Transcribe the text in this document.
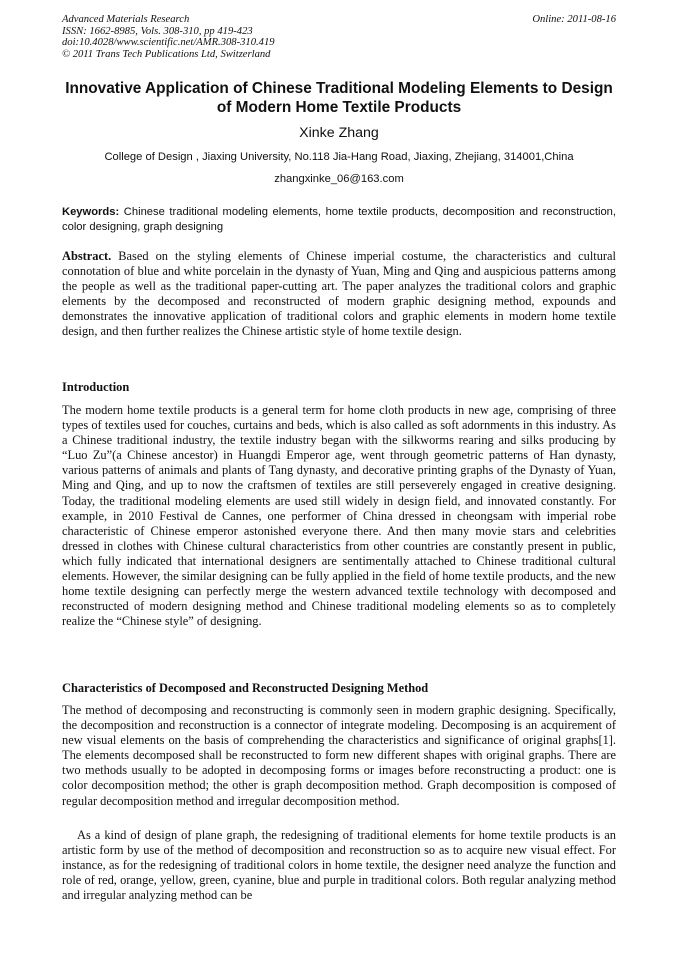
Advanced Materials Research
ISSN: 1662-8985, Vols. 308-310, pp 419-423
doi:10.4028/www.scientific.net/AMR.308-310.419
© 2011 Trans Tech Publications Ltd, Switzerland
Online: 2011-08-16
Innovative Application of Chinese Traditional Modeling Elements to Design of Modern Home Textile Products
Xinke Zhang
College of Design , Jiaxing University, No.118 Jia-Hang Road, Jiaxing, Zhejiang, 314001,China
zhangxinke_06@163.com
Keywords: Chinese traditional modeling elements, home textile products, decomposition and reconstruction, color designing, graph designing
Abstract. Based on the styling elements of Chinese imperial costume, the characteristics and cultural connotation of blue and white porcelain in the dynasty of Yuan, Ming and Qing and auspicious patterns among the people as well as the traditional paper-cutting art. The paper analyzes the traditional colors and graphic elements by the decomposed and reconstructed of modern graphic designing method, expounds and demonstrates the innovative application of traditional colors and graphic elements in modern home textile design, and then further realizes the Chinese artistic style of home textile design.
Introduction
The modern home textile products is a general term for home cloth products in new age, comprising of three types of textiles used for couches, curtains and beds, which is also called as soft adornments in this industry. As a Chinese traditional industry, the textile industry began with the silkworms rearing and silks producing by “Luo Zu”(a Chinese ancestor) in Huangdi Emperor age, went through geometric patterns of Han dynasty, various patterns of animals and plants of Tang dynasty, and decorative printing graphs of the Dynasty of Yuan, Ming and Qing, and up to now the craftsmen of textiles are still perseverely engaged in creative designing. Today, the traditional modeling elements are used still widely in design field, and innovated constantly. For example, in 2010 Festival de Cannes, one performer of China dressed in cheongsam with imperial robe characteristic of Chinese emperor astonished everyone there. And then many movie stars and celebrities dressed in clothes with Chinese cultural characteristics from other countries are constantly present in public, which fully indicated that international designers are sentimentally attached to Chinese traditional cultural elements. However, the similar designing can be fully applied in the field of home textile products, and the new home textile designing can perfectly merge the western advanced textile technology with decomposed and reconstructed of modern designing method and Chinese traditional modeling elements so as to completely realize the “Chinese style” of designing.
Characteristics of Decomposed and Reconstructed Designing Method
The method of decomposing and reconstructing is commonly seen in modern graphic designing. Specifically, the decomposition and reconstruction is a connector of integrate modeling. Decomposing is an acquirement of new visual elements on the basis of comprehending the characteristics and significance of original graphs[1]. The elements decomposed shall be reconstructed to form new different shapes with original graphs. There are two methods usually to be adopted in decomposing forms or images before reconstructing a product: one is color decomposition method; the other is graph decomposition method. Graph decomposition is composed of regular decomposition method and irregular decomposition method.
As a kind of design of plane graph, the redesigning of traditional elements for home textile products is an artistic form by use of the method of decomposition and reconstruction so as to acquire new visual effect. For instance, as for the redesigning of traditional colors in home textile, the designer need analyze the function and role of red, orange, yellow, green, cyanine, blue and purple in traditional colors. Both regular analyzing method and irregular analyzing method can be
